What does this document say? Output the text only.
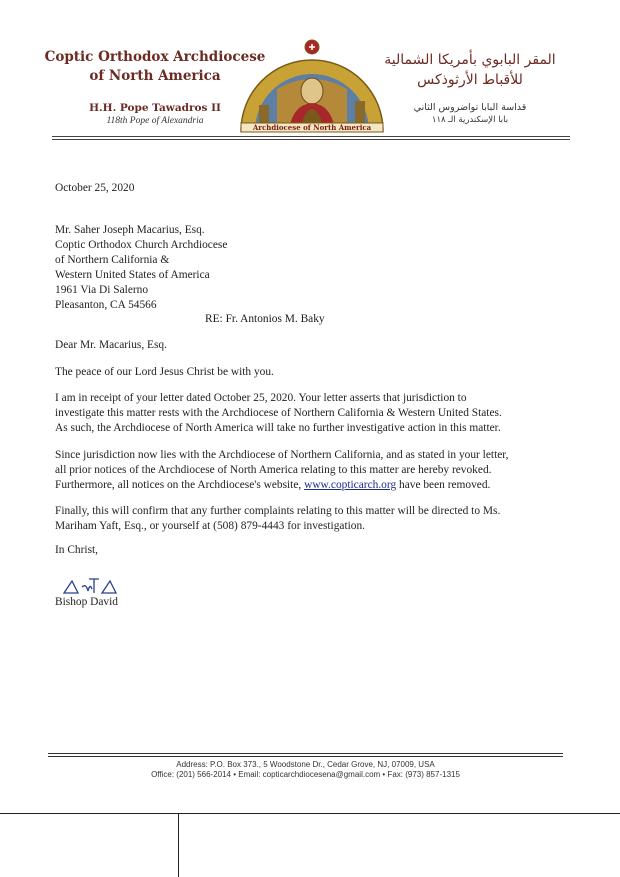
Coptic Orthodox Archdiocese
of North America
H.H. Pope Tawadros II
118th Pope of Alexandria
Archdiocese of North America
المقر البابوي بأمريكا الشمالية
للأقباط الأرثوذكس
قداسة البابا تواضروس الثاني
بابا الإسكندرية الـ ١١٨
October 25, 2020
Mr. Saher Joseph Macarius, Esq.
Coptic Orthodox Church Archdiocese
of Northern California &
Western United States of America
1961 Via Di Salerno
Pleasanton, CA 54566
RE: Fr. Antonios M. Baky
Dear Mr. Macarius, Esq.
The peace of our Lord Jesus Christ be with you.
I am in receipt of your letter dated October 25, 2020. Your letter asserts that jurisdiction to
investigate this matter rests with the Archdiocese of Northern California & Western United States.
As such, the Archdiocese of North America will take no further investigative action in this matter.
Since jurisdiction now lies with the Archdiocese of Northern California, and as stated in your letter,
all prior notices of the Archdiocese of North America relating to this matter are hereby revoked.
Furthermore, all notices on the Archdiocese's website, www.copticarch.org have been removed.
Finally, this will confirm that any further complaints relating to this matter will be directed to Ms.
Mariham Yaft, Esq., or yourself at (508) 879-4443 for investigation.
In Christ,
Bishop David
Address: P.O. Box 373., 5 Woodstone Dr., Cedar Grove, NJ, 07009, USA
Office: (201) 566-2014 • Email: copticarchdiocesena@gmail.com • Fax: (973) 857-1315
